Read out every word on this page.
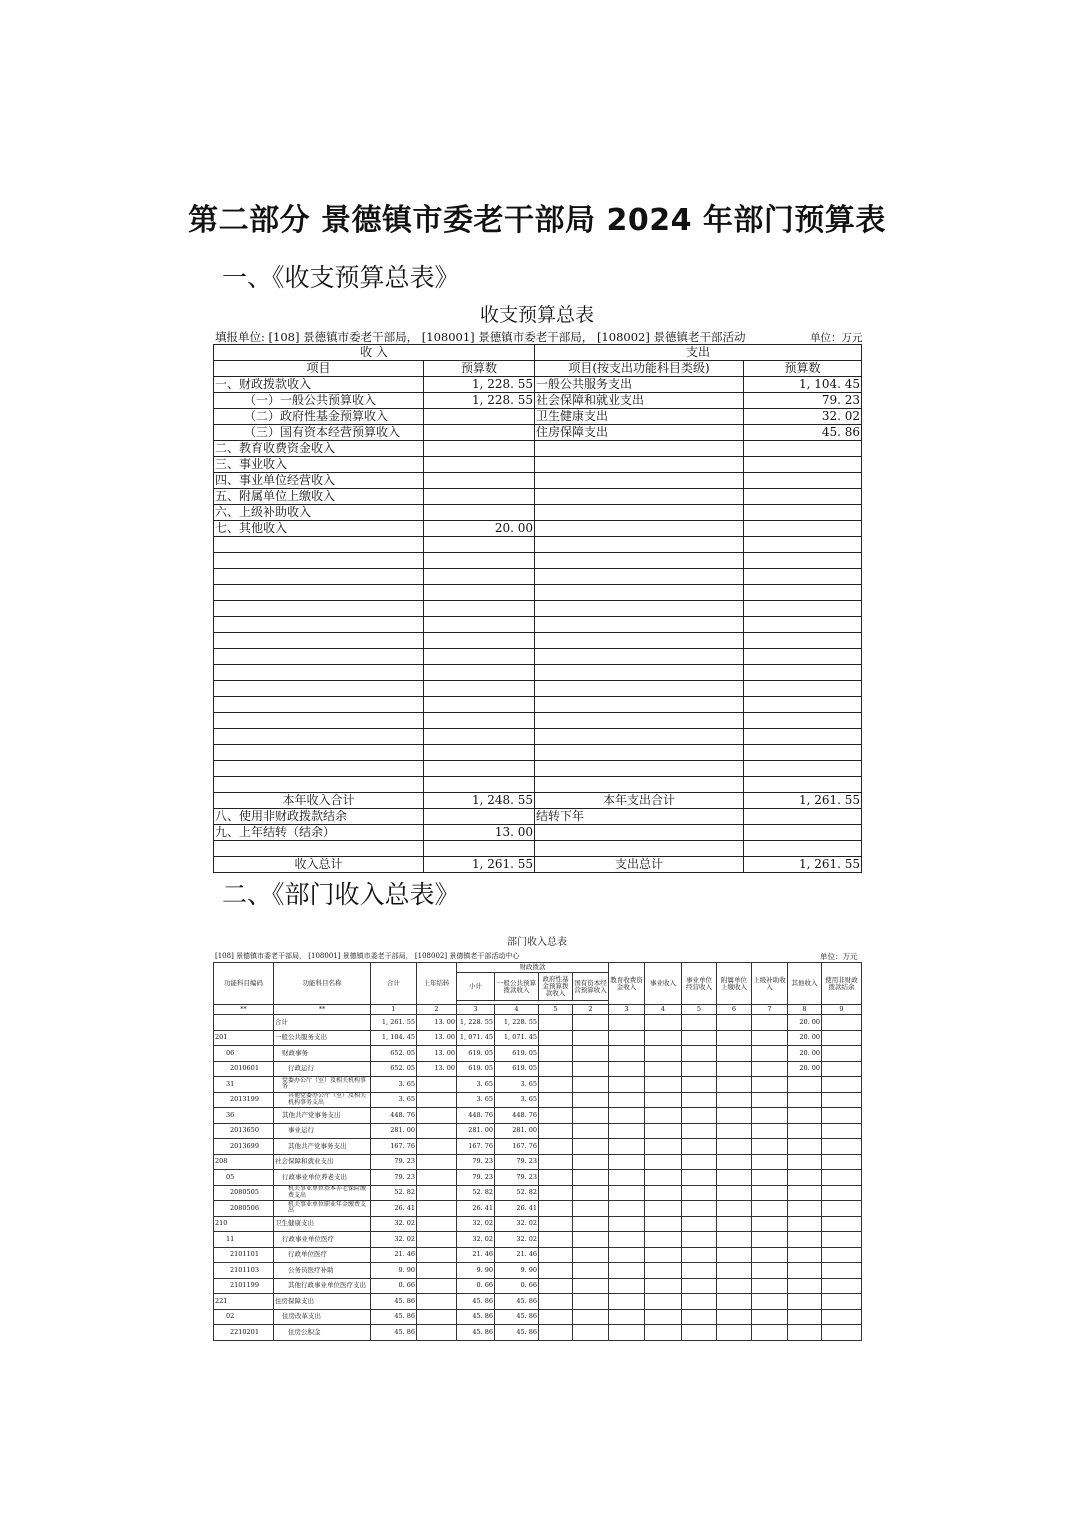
第二部分 景德镇市委老干部局 2024 年部门预算表
一、《收支预算总表》
收支预算总表
填报单位: [108] 景德镇市委老干部局， [108001] 景德镇市委老干部局， [108002] 景德镇老干部活动	单位：万元
收 入		支出	
项目	预算数	项目(按支出功能科目类级)	预算数
一、财政拨款收入	1, 228. 55	一般公共服务支出	1, 104. 45
（一）一般公共预算收入	1, 228. 55	社会保障和就业支出	79. 23
（二）政府性基金预算收入		卫生健康支出	32. 02
（三）国有资本经营预算收入		住房保障支出	45. 86
二、教育收费资金收入			
三、事业收入			
四、事业单位经营收入			
五、附属单位上缴收入			
六、上级补助收入			
七、其他收入	20. 00		

本年收入合计	1, 248. 55	本年支出合计	1, 261. 55
八、使用非财政拨款结余		结转下年	
九、上年结转（结余）	13. 00		

收入总计	1, 261. 55	支出总计	1, 261. 55
二、《部门收入总表》
部门收入总表
[108] 景德镇市委老干部局， [108001] 景德镇市委老干部局， [108002] 景德镇老干部活动中心	单位：万元
功能科目编码	功能科目名称	合计	上年结转	财政拨款				教育收费资金收入	事业收入	事业单位经营收入	附属单位上缴收入	上级补助收入	其他收入	使用非财政拨款结余
				小计	一般公共预算拨款收入	政府性基金预算拨款收入	国有资本经营预算收入							

**	**	1	2	3	4	5	2	3	4	5	6	7	8	9
	合计	1, 261. 55	13. 00	1, 228. 55	1, 228. 55								20. 00	
201	一般公共服务支出	1, 104. 45	13. 00	1, 071. 45	1, 071. 45								20. 00	
06	财政事务	652. 05	13. 00	619. 05	619. 05								20. 00	
2010601	行政运行	652. 05	13. 00	619. 05	619. 05								20. 00	
31	党委办公厅（室）及相关机构事务	3. 65		3. 65	3. 65									
2013199	其他党委办公厅（室）及相关机构事务支出	3. 65		3. 65	3. 65									
36	其他共产党事务支出	448. 76		448. 76	448. 76									
2013650	事业运行	281. 00		281. 00	281. 00									
2013699	其他共产党事务支出	167. 76		167. 76	167. 76									
208	社会保障和就业支出	79. 23		79. 23	79. 23									
05	行政事业单位养老支出	79. 23		79. 23	79. 23									
2080505	机关事业单位基本养老保险缴费支出	52. 82		52. 82	52. 82									
2080506	机关事业单位职业年金缴费支出	26. 41		26. 41	26. 41									
210	卫生健康支出	32. 02		32. 02	32. 02									
11	行政事业单位医疗	32. 02		32. 02	32. 02									
2101101	行政单位医疗	21. 46		21. 46	21. 46									
2101103	公务员医疗补助	9. 90		9. 90	9. 90									
2101199	其他行政事业单位医疗支出	0. 66		0. 66	0. 66									
221	住房保障支出	45. 86		45. 86	45. 86									
02	住房改革支出	45. 86		45. 86	45. 86									
2210201	住房公积金	45. 86		45. 86	45. 86									
